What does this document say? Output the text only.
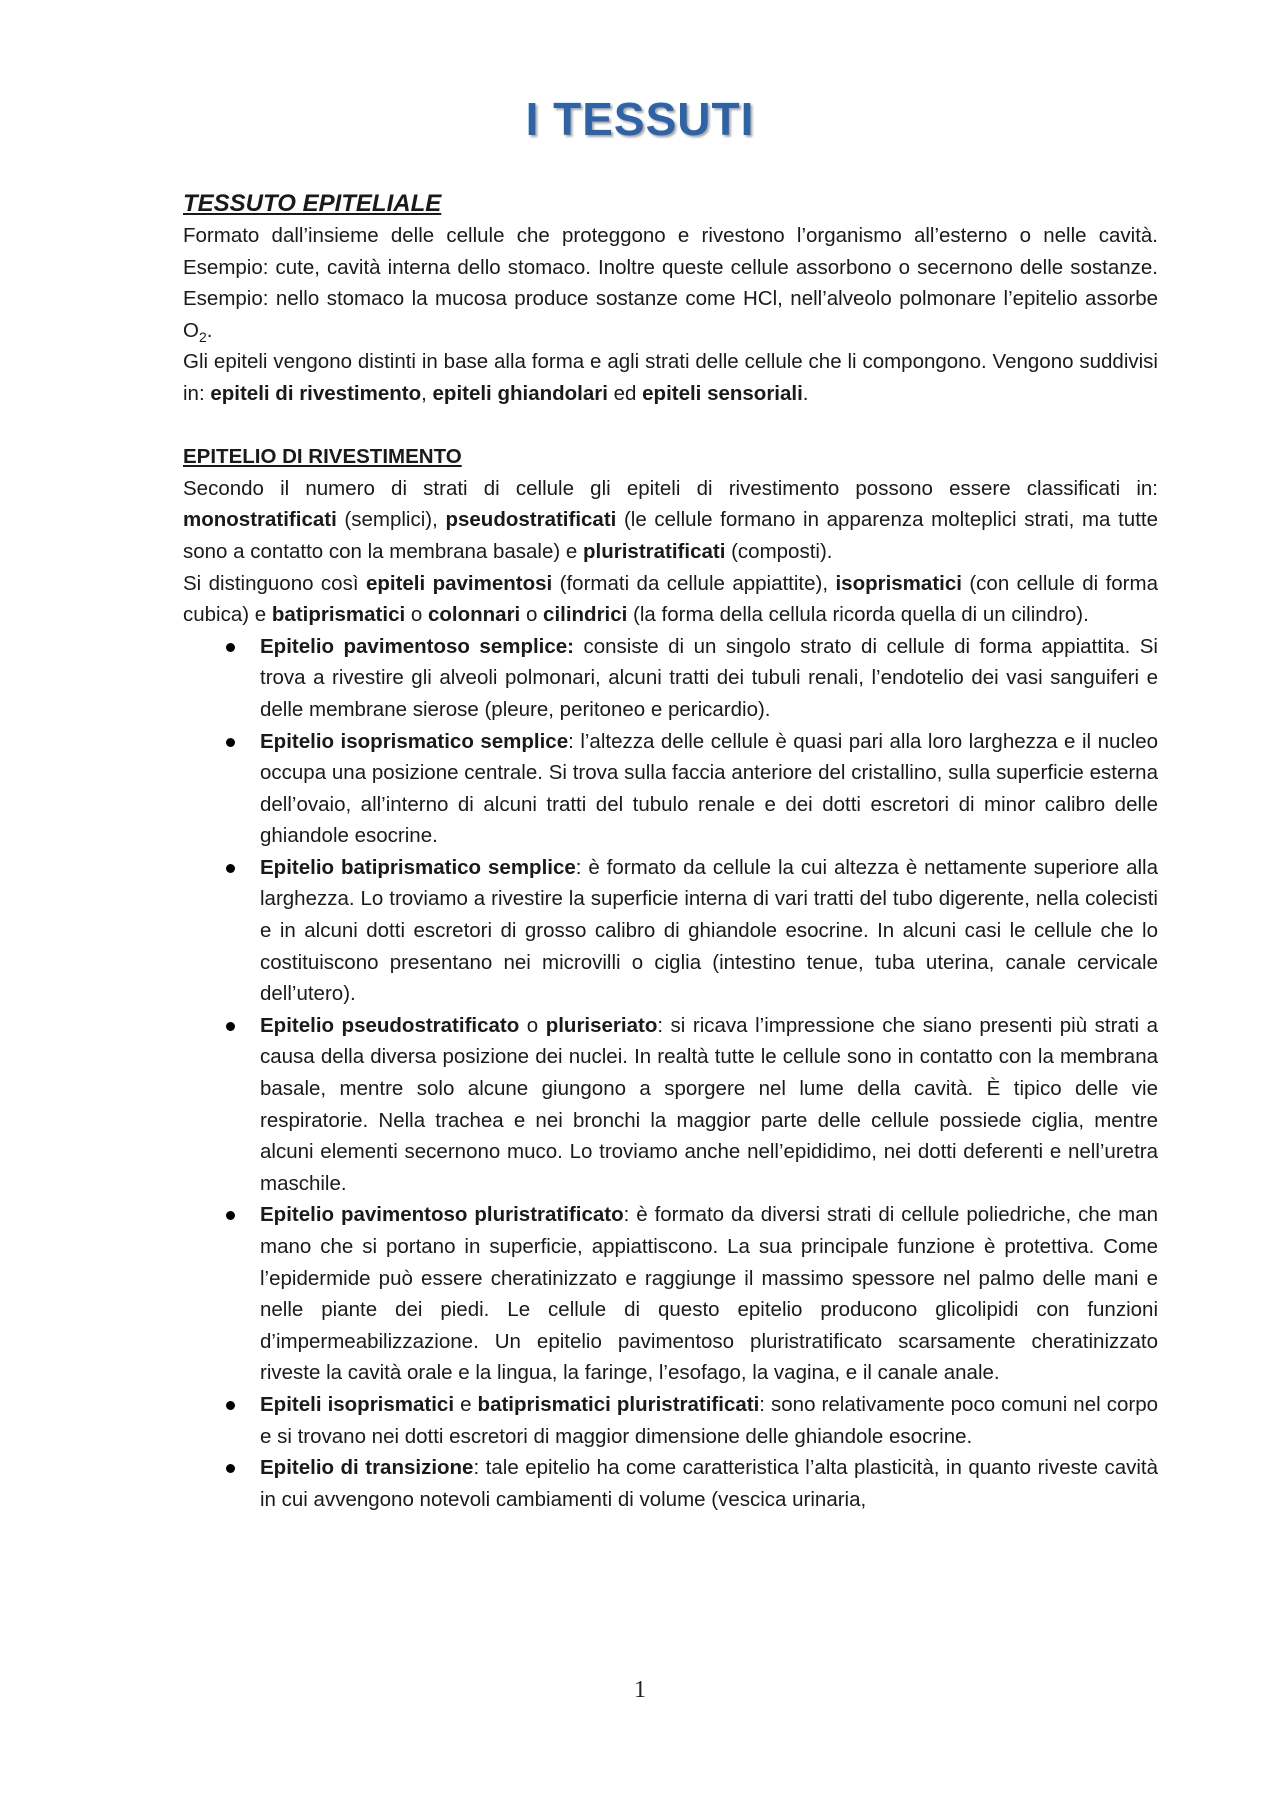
I TESSUTI

TESSUTO EPITELIALE

Formato dall’insieme delle cellule che proteggono e rivestono l’organismo all’esterno o nelle cavità. Esempio: cute, cavità interna dello stomaco. Inoltre queste cellule assorbono o secernono delle sostanze. Esempio: nello stomaco la mucosa produce sostanze come HCl, nell’alveolo polmonare l’epitelio assorbe $O_2$.

Gli epiteli vengono distinti in base alla forma e agli strati delle cellule che li compongono. Vengono suddivisi in: epiteli di rivestimento, epiteli ghiandolari ed epiteli sensoriali.

EPITELIO DI RIVESTIMENTO

Secondo il numero di strati di cellule gli epiteli di rivestimento possono essere classificati in: monostratificati (semplici), pseudostratificati (le cellule formano in apparenza molteplici strati, ma tutte sono a contatto con la membrana basale) e pluristratificati (composti).

Si distinguono così epiteli pavimentosi (formati da cellule appiattite), isoprismatici (con cellule di forma cubica) e batiprismatici o colonnari o cilindrici (la forma della cellula ricorda quella di un cilindro).

Epitelio pavimentoso semplice: consiste di un singolo strato di cellule di forma appiattita. Si trova a rivestire gli alveoli polmonari, alcuni tratti dei tubuli renali, l’endotelio dei vasi sanguiferi e delle membrane sierose (pleure, peritoneo e pericardio).
Epitelio isoprismatico semplice: l’altezza delle cellule è quasi pari alla loro larghezza e il nucleo occupa una posizione centrale. Si trova sulla faccia anteriore del cristallino, sulla superficie esterna dell’ovaio, all’interno di alcuni tratti del tubulo renale e dei dotti escretori di minor calibro delle ghiandole esocrine.
Epitelio batiprismatico semplice: è formato da cellule la cui altezza è nettamente superiore alla larghezza. Lo troviamo a rivestire la superficie interna di vari tratti del tubo digerente, nella colecisti e in alcuni dotti escretori di grosso calibro di ghiandole esocrine. In alcuni casi le cellule che lo costituiscono presentano nei microvilli o ciglia (intestino tenue, tuba uterina, canale cervicale dell’utero).
Epitelio pseudostratificato o pluriseriato: si ricava l’impressione che siano presenti più strati a causa della diversa posizione dei nuclei. In realtà tutte le cellule sono in contatto con la membrana basale, mentre solo alcune giungono a sporgere nel lume della cavità. È tipico delle vie respiratorie. Nella trachea e nei bronchi la maggior parte delle cellule possiede ciglia, mentre alcuni elementi secernono muco. Lo troviamo anche nell’epididimo, nei dotti deferenti e nell’uretra maschile.
Epitelio pavimentoso pluristratificato: è formato da diversi strati di cellule poliedriche, che man mano che si portano in superficie, appiattiscono. La sua principale funzione è protettiva. Come l’epidermide può essere cheratinizzato e raggiunge il massimo spessore nel palmo delle mani e nelle piante dei piedi. Le cellule di questo epitelio producono glicolipidi con funzioni d’impermeabilizzazione. Un epitelio pavimentoso pluristratificato scarsamente cheratinizzato riveste la cavità orale e la lingua, la faringe, l’esofago, la vagina, e il canale anale.
Epiteli isoprismatici e batiprismatici pluristratificati: sono relativamente poco comuni nel corpo e si trovano nei dotti escretori di maggior dimensione delle ghiandole esocrine.
Epitelio di transizione: tale epitelio ha come caratteristica l’alta plasticità, in quanto riveste cavità in cui avvengono notevoli cambiamenti di volume (vescica urinaria,
1
